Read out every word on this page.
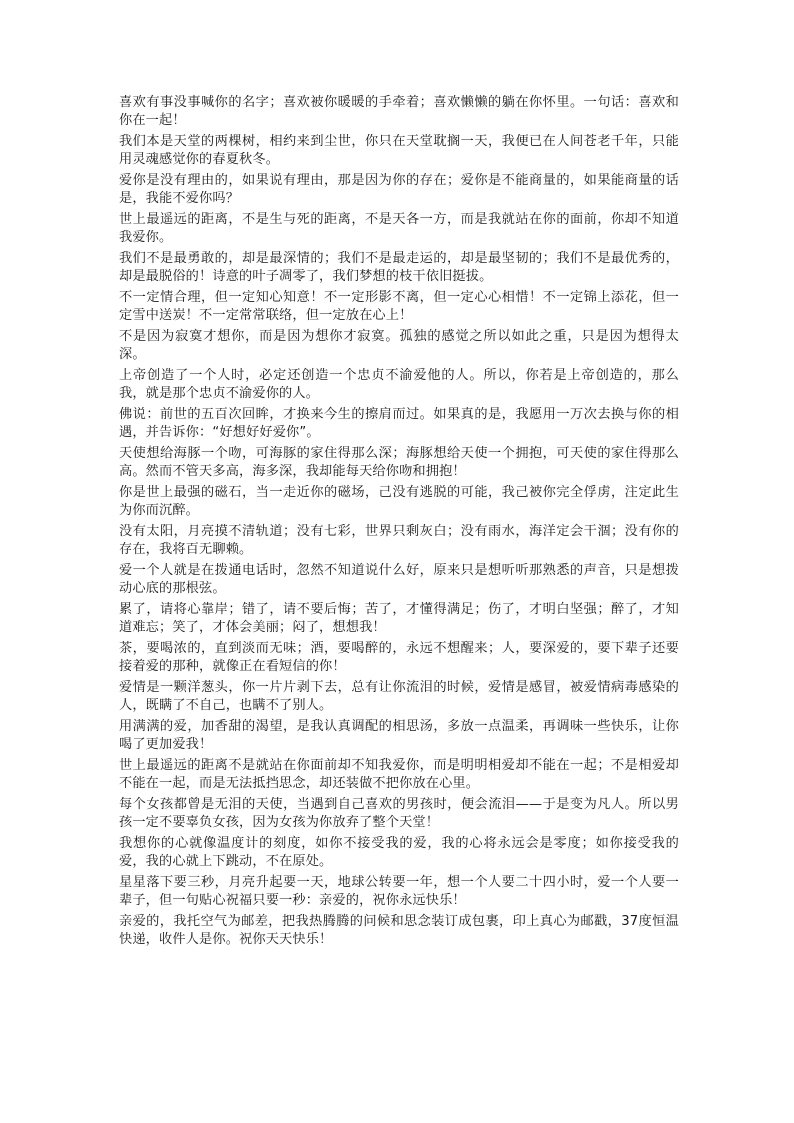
喜欢有事没事喊你的名字；喜欢被你暖暖的手牵着；喜欢懒懒的躺在你怀里。一句话：喜欢和你在一起！

我们本是天堂的两棵树，相约来到尘世，你只在天堂耽搁一天，我便已在人间苍老千年，只能用灵魂感觉你的春夏秋冬。

爱你是没有理由的，如果说有理由，那是因为你的存在；爱你是不能商量的，如果能商量的话是，我能不爱你吗？

世上最遥远的距离，不是生与死的距离，不是天各一方，而是我就站在你的面前，你却不知道我爱你。

我们不是最勇敢的，却是最深情的；我们不是最走运的，却是最坚韧的；我们不是最优秀的，却是最脱俗的！诗意的叶子凋零了，我们梦想的枝干依旧挺拔。

不一定情合理，但一定知心知意！不一定形影不离，但一定心心相惜！不一定锦上添花，但一定雪中送炭！不一定常常联络，但一定放在心上！

不是因为寂寞才想你，而是因为想你才寂寞。孤独的感觉之所以如此之重，只是因为想得太深。

上帝创造了一个人时，必定还创造一个忠贞不渝爱他的人。所以，你若是上帝创造的，那么我，就是那个忠贞不渝爱你的人。

佛说：前世的五百次回眸，才换来今生的擦肩而过。如果真的是，我愿用一万次去换与你的相遇，并告诉你：“好想好好爱你”。

天使想给海豚一个吻，可海豚的家住得那么深；海豚想给天使一个拥抱，可天使的家住得那么高。然而不管天多高，海多深，我却能每天给你吻和拥抱！

你是世上最强的磁石，当一走近你的磁场，己没有逃脱的可能，我己被你完全俘虏，注定此生为你而沉醉。

没有太阳，月亮摸不清轨道；没有七彩，世界只剩灰白；没有雨水，海洋定会干涸；没有你的存在，我将百无聊赖。

爱一个人就是在拨通电话时，忽然不知道说什么好，原来只是想听听那熟悉的声音，只是想拨动心底的那根弦。

累了，请将心靠岸；错了，请不要后悔；苦了，才懂得满足；伤了，才明白坚强；醉了，才知道难忘；笑了，才体会美丽；闷了，想想我！

茶，要喝浓的，直到淡而无味；酒，要喝醉的，永远不想醒来；人，要深爱的，要下辈子还要接着爱的那种，就像正在看短信的你！

爱情是一颗洋葱头，你一片片剥下去，总有让你流泪的时候，爱情是感冒，被爱情病毒感染的人，既瞒了不自己，也瞒不了别人。

用满满的爱，加香甜的渴望，是我认真调配的相思汤，多放一点温柔，再调味一些快乐，让你喝了更加爱我！

世上最遥远的距离不是就站在你面前却不知我爱你，而是明明相爱却不能在一起；不是相爱却不能在一起，而是无法抵挡思念，却还装做不把你放在心里。

每个女孩都曾是无泪的天使，当遇到自己喜欢的男孩时，便会流泪——于是变为凡人。所以男孩一定不要辜负女孩，因为女孩为你放弃了整个天堂！

我想你的心就像温度计的刻度，如你不接受我的爱，我的心将永远会是零度；如你接受我的爱，我的心就上下跳动，不在原处。

星星落下要三秒，月亮升起要一天，地球公转要一年，想一个人要二十四小时，爱一个人要一辈子，但一句贴心祝福只要一秒：亲爱的，祝你永远快乐！

亲爱的，我托空气为邮差，把我热腾腾的问候和思念装订成包裹，印上真心为邮戳，37度恒温快递，收件人是你。祝你天天快乐！
